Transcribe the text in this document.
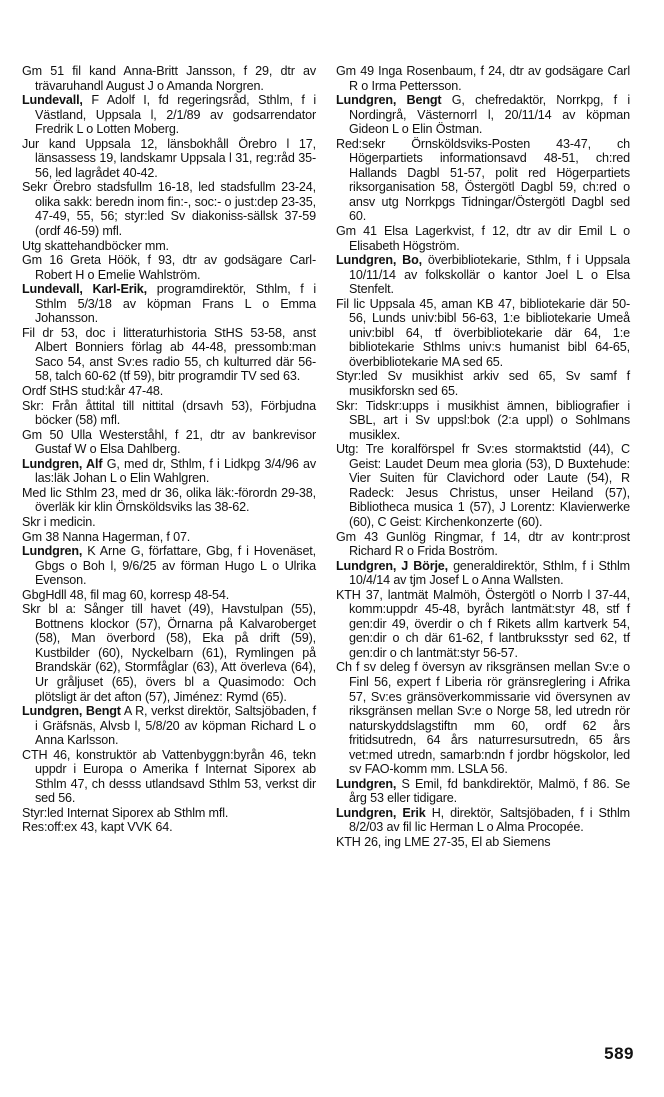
Gm 51 fil kand Anna-Britt Jansson, f 29, dtr av trävaruhandl August J o Amanda Norgren.

Lundevall, F Adolf I, fd regeringsråd, Sthlm, f i Västland, Uppsala l, 2/1/89 av godsarrendator Fredrik L o Lotten Moberg.

Jur kand Uppsala 12, länsbokhåll Örebro l 17, länsassess 19, landskamr Uppsala l 31, reg:råd 35-56, led lagrådet 40-42.

Sekr Örebro stadsfullm 16-18, led stadsfullm 23-24, olika sakk: beredn inom fin:-, soc:- o just:dep 23-35, 47-49, 55, 56; styr:led Sv diakoniss-sällsk 37-59 (ordf 46-59) mfl.

Utg skattehandböcker mm.

Gm 16 Greta Höök, f 93, dtr av godsägare Carl-Robert H o Emelie Wahlström.

Lundevall, Karl-Erik, programdirektör, Sthlm, f i Sthlm 5/3/18 av köpman Frans L o Emma Johansson.

Fil dr 53, doc i litteraturhistoria StHS 53-58, anst Albert Bonniers förlag ab 44-48, pressomb:man Saco 54, anst Sv:es radio 55, ch kulturred där 56-58, talch 60-62 (tf 59), bitr programdir TV sed 63.

Ordf StHS stud:kår 47-48.

Skr: Från åttital till nittital (drsavh 53), Förbjudna böcker (58) mfl.

Gm 50 Ulla Westerståhl, f 21, dtr av bankrevisor Gustaf W o Elsa Dahlberg.

Lundgren, Alf G, med dr, Sthlm, f i Lidkpg 3/4/96 av las:läk Johan L o Elin Wahlgren.

Med lic Sthlm 23, med dr 36, olika läk:-förordn 29-38, överläk kir klin Örnsköldsviks las 38-62.

Skr i medicin.

Gm 38 Nanna Hagerman, f 07.

Lundgren, K Arne G, författare, Gbg, f i Hovenäset, Gbgs o Boh l, 9/6/25 av förman Hugo L o Ulrika Evenson.

GbgHdll 48, fil mag 60, korresp 48-54.

Skr bl a: Sånger till havet (49), Havstulpan (55), Bottnens klockor (57), Örnarna på Kalvaroberget (58), Man överbord (58), Eka på drift (59), Kustbilder (60), Nyckelbarn (61), Rymlingen på Brandskär (62), Stormfåglar (63), Att överleva (64), Ur gråljuset (65), övers bl a Quasimodo: Och plötsligt är det afton (57), Jiménez: Rymd (65).

Lundgren, Bengt A R, verkst direktör, Saltsjöbaden, f i Gräfsnäs, Alvsb l, 5/8/20 av köpman Richard L o Anna Karlsson.

CTH 46, konstruktör ab Vattenbyggn:byrån 46, tekn uppdr i Europa o Amerika f Internat Siporex ab Sthlm 47, ch desss utlandsavd Sthlm 53, verkst dir sed 56.

Styr:led Internat Siporex ab Sthlm mfl.

Res:off:ex 43, kapt VVK 64.

Gm 49 Inga Rosenbaum, f 24, dtr av godsägare Carl R o Irma Pettersson.

Lundgren, Bengt G, chefredaktör, Norrkpg, f i Nordingrå, Västernorrl l, 20/11/14 av köpman Gideon L o Elin Östman.

Red:sekr Örnsköldsviks-Posten 43-47, ch Högerpartiets informationsavd 48-51, ch:red Hallands Dagbl 51-57, polit red Högerpartiets riksorganisation 58, Östergötl Dagbl 59, ch:red o ansv utg Norrkpgs Tidningar/Östergötl Dagbl sed 60.

Gm 41 Elsa Lagerkvist, f 12, dtr av dir Emil L o Elisabeth Högström.

Lundgren, Bo, överbibliotekarie, Sthlm, f i Uppsala 10/11/14 av folkskollär o kantor Joel L o Elsa Stenfelt.

Fil lic Uppsala 45, aman KB 47, bibliotekarie där 50-56, Lunds univ:bibl 56-63, 1:e bibliotekarie Umeå univ:bibl 64, tf överbibliotekarie där 64, 1:e bibliotekarie Sthlms univ:s humanist bibl 64-65, överbibliotekarie MA sed 65.

Styr:led Sv musikhist arkiv sed 65, Sv samf f musikforskn sed 65.

Skr: Tidskr:upps i musikhist ämnen, bibliografier i SBL, art i Sv uppsl:bok (2:a uppl) o Sohlmans musiklex.

Utg: Tre koralförspel fr Sv:es stormaktstid (44), C Geist: Laudet Deum mea gloria (53), D Buxtehude: Vier Suiten für Clavichord oder Laute (54), R Radeck: Jesus Christus, unser Heiland (57), Bibliotheca musica 1 (57), J Lorentz: Klavierwerke (60), C Geist: Kirchenkonzerte (60).

Gm 43 Gunlög Ringmar, f 14, dtr av kontr:prost Richard R o Frida Boström.

Lundgren, J Börje, generaldirektör, Sthlm, f i Sthlm 10/4/14 av tjm Josef L o Anna Wallsten.

KTH 37, lantmät Malmöh, Östergötl o Norrb l 37-44, komm:uppdr 45-48, byråch lantmät:styr 48, stf f gen:dir 49, överdir o ch f Rikets allm kartverk 54, gen:dir o ch där 61-62, f lantbruksstyr sed 62, tf gen:dir o ch lantmät:styr 56-57.

Ch f sv deleg f översyn av riksgränsen mellan Sv:e o Finl 56, expert f Liberia rör gränsreglering i Afrika 57, Sv:es gränsöverkommissarie vid översynen av riksgränsen mellan Sv:e o Norge 58, led utredn rör naturskyddslagstiftn mm 60, ordf 62 års fritidsutredn, 64 års naturresursutredn, 65 års vet:med utredn, samarb:ndn f jordbr högskolor, led sv FAO-komm mm. LSLA 56.

Lundgren, S Emil, fd bankdirektör, Malmö, f 86. Se årg 53 eller tidigare.

Lundgren, Erik H, direktör, Saltsjöbaden, f i Sthlm 8/2/03 av fil lic Herman L o Alma Procopée.

KTH 26, ing LME 27-35, El ab Siemens

589
